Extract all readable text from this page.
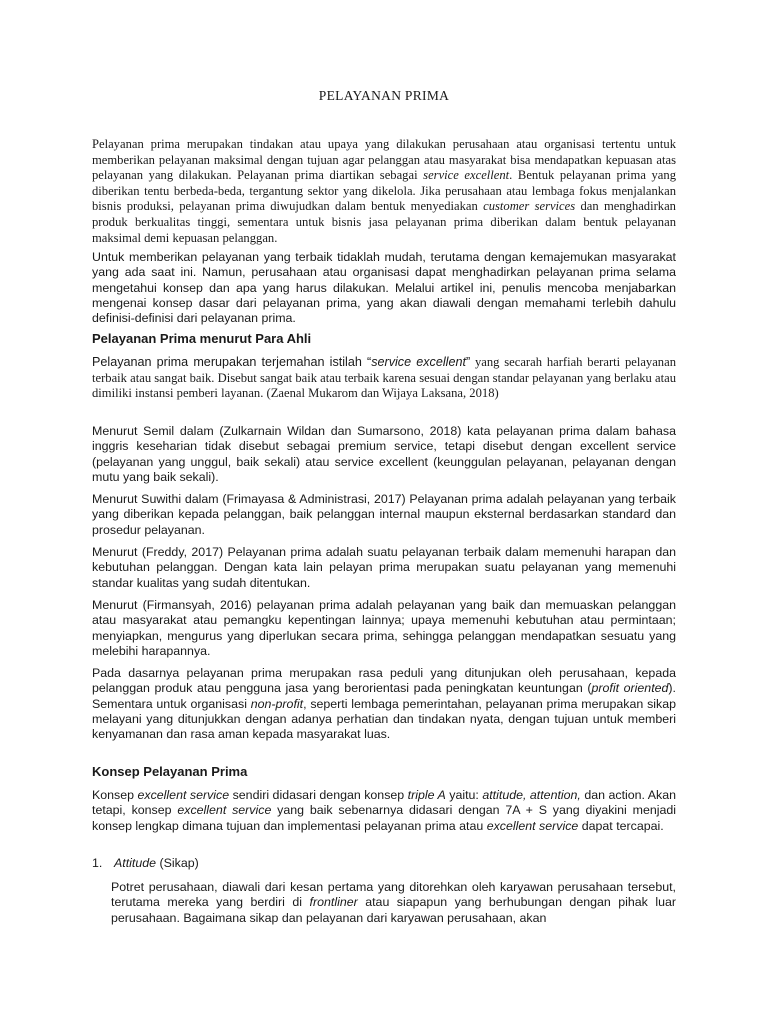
PELAYANAN PRIMA

Pelayanan prima merupakan tindakan atau upaya yang dilakukan perusahaan atau organisasi tertentu untuk memberikan pelayanan maksimal dengan tujuan agar pelanggan atau masyarakat bisa mendapatkan kepuasan atas pelayanan yang dilakukan. Pelayanan prima diartikan sebagai service excellent. Bentuk pelayanan prima yang diberikan tentu berbeda-beda, tergantung sektor yang dikelola. Jika perusahaan atau lembaga fokus menjalankan bisnis produksi, pelayanan prima diwujudkan dalam bentuk menyediakan customer services dan menghadirkan produk berkualitas tinggi, sementara untuk bisnis jasa pelayanan prima diberikan dalam bentuk pelayanan maksimal demi kepuasan pelanggan.

Untuk memberikan pelayanan yang terbaik tidaklah mudah, terutama dengan kemajemukan masyarakat yang ada saat ini. Namun, perusahaan atau organisasi dapat menghadirkan pelayanan prima selama mengetahui konsep dan apa yang harus dilakukan. Melalui artikel ini, penulis mencoba menjabarkan mengenai konsep dasar dari pelayanan prima, yang akan diawali dengan memahami terlebih dahulu definisi-definisi dari pelayanan prima.

Pelayanan Prima menurut Para Ahli

Pelayanan prima merupakan terjemahan istilah “service excellent” yang secarah harfiah berarti pelayanan terbaik atau sangat baik. Disebut sangat baik atau terbaik karena sesuai dengan standar pelayanan yang berlaku atau dimiliki instansi pemberi layanan. (Zaenal Mukarom dan Wijaya Laksana, 2018)

Menurut Semil dalam (Zulkarnain Wildan dan Sumarsono, 2018) kata pelayanan prima dalam bahasa inggris keseharian tidak disebut sebagai premium service, tetapi disebut dengan excellent service (pelayanan yang unggul, baik sekali) atau service excellent (keunggulan pelayanan, pelayanan dengan mutu yang baik sekali).

Menurut Suwithi dalam (Frimayasa & Administrasi, 2017) Pelayanan prima adalah pelayanan yang terbaik yang diberikan kepada pelanggan, baik pelanggan internal maupun eksternal berdasarkan standard dan prosedur pelayanan.

Menurut (Freddy, 2017) Pelayanan prima adalah suatu pelayanan terbaik dalam memenuhi harapan dan kebutuhan pelanggan. Dengan kata lain pelayan prima merupakan suatu pelayanan yang memenuhi standar kualitas yang sudah ditentukan.

Menurut (Firmansyah, 2016) pelayanan prima adalah pelayanan yang baik dan memuaskan pelanggan atau masyarakat atau pemangku kepentingan lainnya; upaya memenuhi kebutuhan atau permintaan; menyiapkan, mengurus yang diperlukan secara prima, sehingga pelanggan mendapatkan sesuatu yang melebihi harapannya.

Pada dasarnya pelayanan prima merupakan rasa peduli yang ditunjukan oleh perusahaan, kepada pelanggan produk atau pengguna jasa yang berorientasi pada peningkatan keuntungan (profit oriented). Sementara untuk organisasi non-profit, seperti lembaga pemerintahan, pelayanan prima merupakan sikap melayani yang ditunjukkan dengan adanya perhatian dan tindakan nyata, dengan tujuan untuk memberi kenyamanan dan rasa aman kepada masyarakat luas.

Konsep Pelayanan Prima

Konsep excellent service sendiri didasari dengan konsep triple A yaitu: attitude, attention, dan action. Akan tetapi, konsep excellent service yang baik sebenarnya didasari dengan 7A + S yang diyakini menjadi konsep lengkap dimana tujuan dan implementasi pelayanan prima atau excellent service dapat tercapai.

1. Attitude (Sikap)

Potret perusahaan, diawali dari kesan pertama yang ditorehkan oleh karyawan perusahaan tersebut, terutama mereka yang berdiri di frontliner atau siapapun yang berhubungan dengan pihak luar perusahaan. Bagaimana sikap dan pelayanan dari karyawan perusahaan, akan
